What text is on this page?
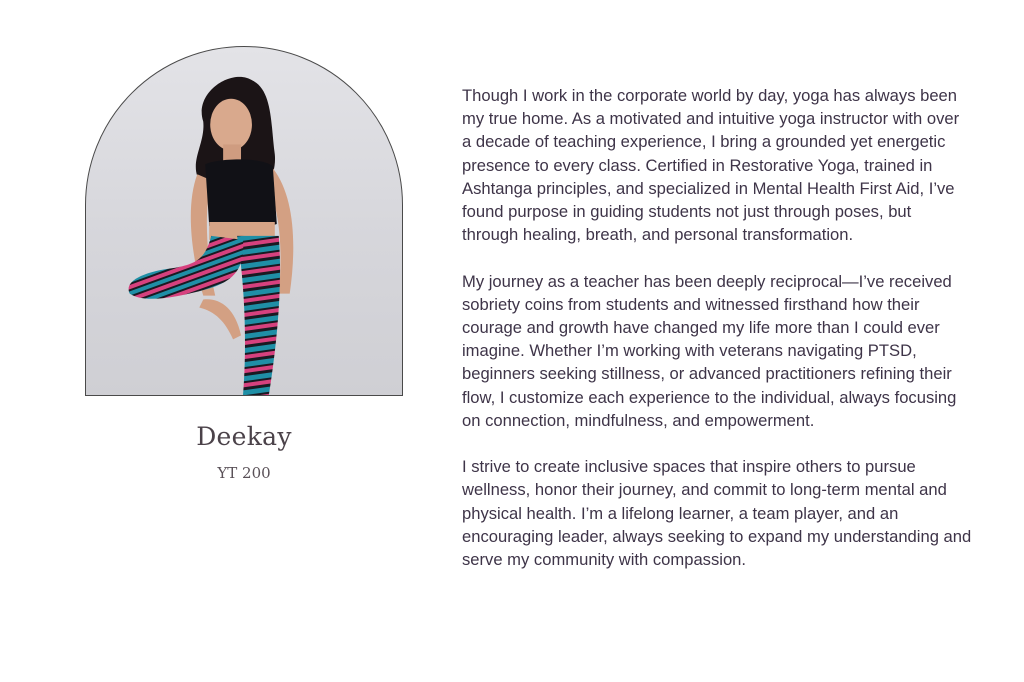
Deekay
YT 200

Though I work in the corporate world by day, yoga has always been my true home. As a motivated and intuitive yoga instructor with over a decade of teaching experience, I bring a grounded yet energetic presence to every class. Certified in Restorative Yoga, trained in Ashtanga principles, and specialized in Mental Health First Aid, I’ve found purpose in guiding students not just through poses, but through healing, breath, and personal transformation.

My journey as a teacher has been deeply reciprocal—I’ve received sobriety coins from students and witnessed firsthand how their courage and growth have changed my life more than I could ever imagine. Whether I’m working with veterans navigating PTSD, beginners seeking stillness, or advanced practitioners refining their flow, I customize each experience to the individual, always focusing on connection, mindfulness, and empowerment.

I strive to create inclusive spaces that inspire others to pursue wellness, honor their journey, and commit to long-term mental and physical health. I’m a lifelong learner, a team player, and an encouraging leader, always seeking to expand my understanding and serve my community with compassion.
